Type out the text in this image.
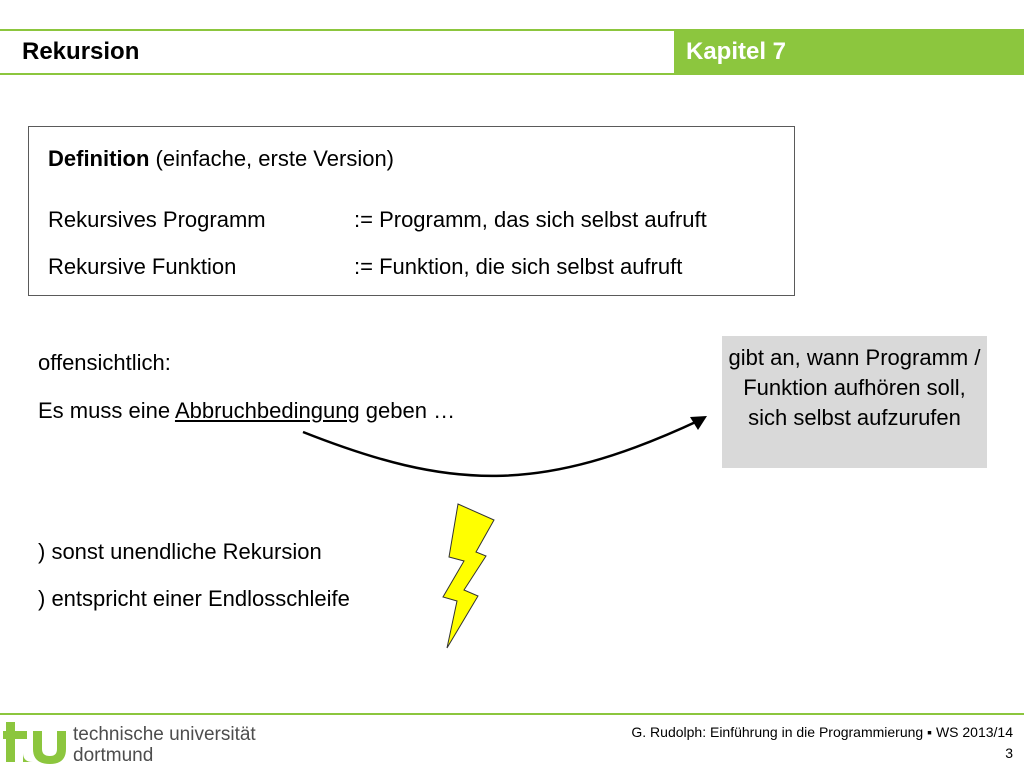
Rekursion	Kapitel 7
Definition (einfache, erste Version)
Rekursives Programm	:= Programm, das sich selbst aufruft
Rekursive Funktion	:= Funktion, die sich selbst aufruft
offensichtlich:
Es muss eine Abbruchbedingung geben …
) sonst unendliche Rekursion
) entspricht einer Endlosschleife
gibt an, wann Programm / Funktion aufhören soll, sich selbst aufzurufen
technische universität
dortmund
G. Rudolph: Einführung in die Programmierung ▪ WS 2013/14
3
